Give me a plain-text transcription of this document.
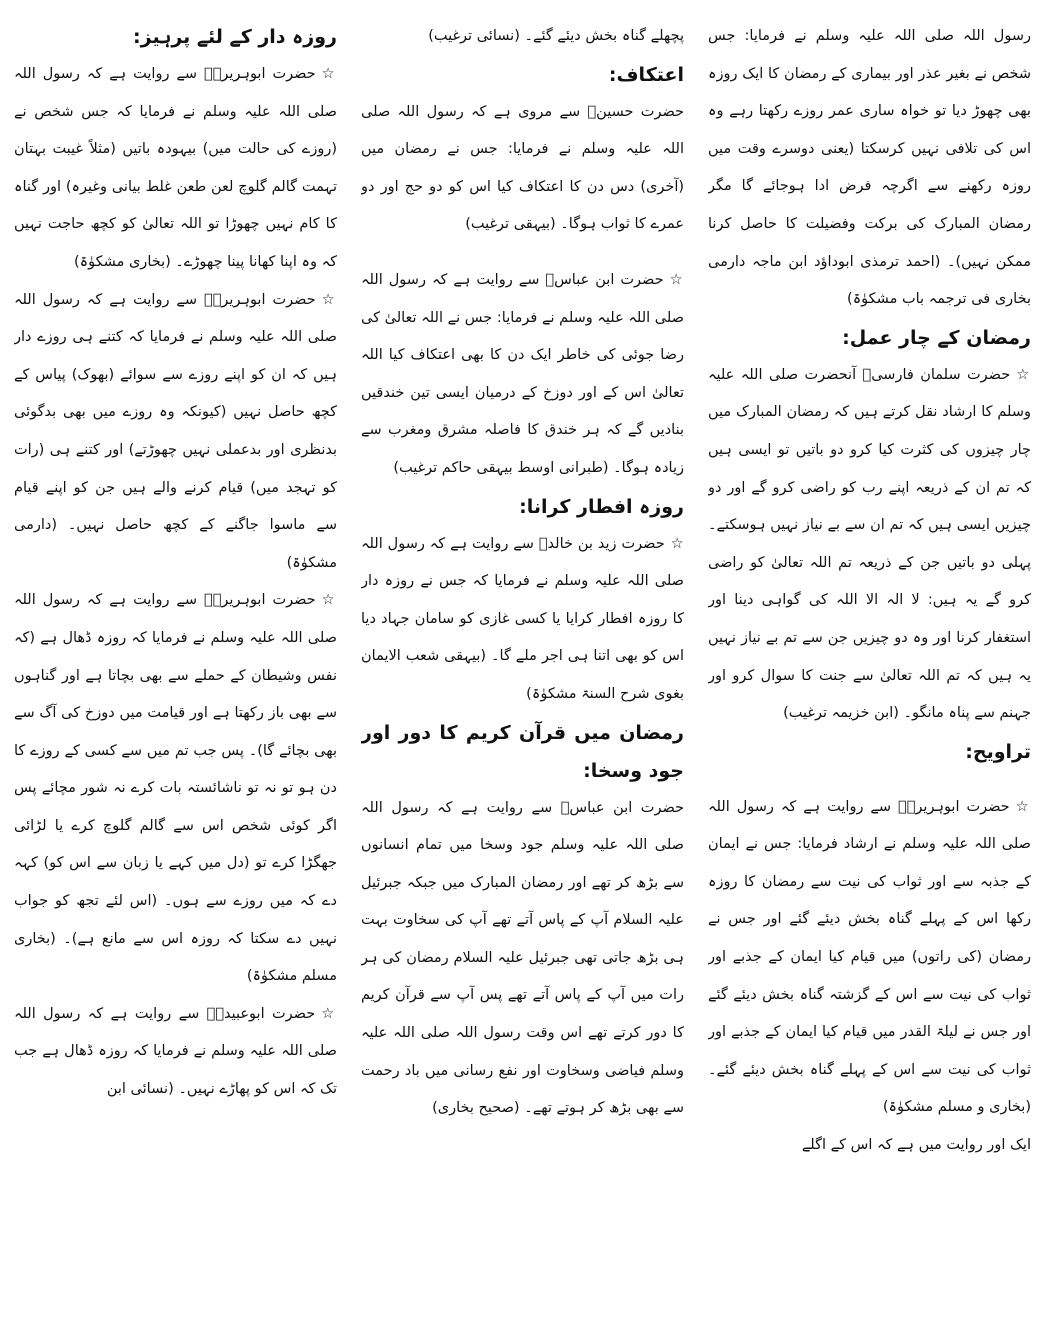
رسول اللہ صلی اللہ علیہ وسلم نے فرمایا: جس شخص نے بغیر عذر اور بیماری کے رمضان کا ایک روزہ بھی چھوڑ دیا تو خواہ ساری عمر روزے رکھتا رہے وہ اس کی تلافی نہیں کرسکتا (یعنی دوسرے وقت میں روزہ رکھنے سے اگرچہ فرض ادا ہوجائے گا مگر رمضان المبارک کی برکت وفضیلت کا حاصل کرنا ممکن نہیں)۔ (احمد ترمذی ابوداؤد ابن ماجہ دارمی بخاری فی ترجمہ باب مشکوٰۃ)

رمضان کے چار عمل:

☆ حضرت سلمان فارسیؓ آنحضرت صلی اللہ علیہ وسلم کا ارشاد نقل کرتے ہیں کہ رمضان المبارک میں چار چیزوں کی کثرت کیا کرو دو باتیں تو ایسی ہیں کہ تم ان کے ذریعہ اپنے رب کو راضی کرو گے اور دو چیزیں ایسی ہیں کہ تم ان سے بے نیاز نہیں ہوسکتے۔ پہلی دو باتیں جن کے ذریعہ تم اللہ تعالیٰ کو راضی کرو گے یہ ہیں: لا الہ الا اللہ کی گواہی دینا اور استغفار کرنا اور وہ دو چیزیں جن سے تم بے نیاز نہیں یہ ہیں کہ تم اللہ تعالیٰ سے جنت کا سوال کرو اور جہنم سے پناہ مانگو۔ (ابن خزیمہ ترغیب)

تراویح:

☆ حضرت ابوہریرہؓ سے روایت ہے کہ رسول اللہ صلی اللہ علیہ وسلم نے ارشاد فرمایا: جس نے ایمان کے جذبہ سے اور ثواب کی نیت سے رمضان کا روزہ رکھا اس کے پہلے گناہ بخش دیئے گئے اور جس نے رمضان (کی راتوں) میں قیام کیا ایمان کے جذبے اور ثواب کی نیت سے اس کے گزشتہ گناہ بخش دیئے گئے اور جس نے لیلۃ القدر میں قیام کیا ایمان کے جذبے اور ثواب کی نیت سے اس کے پہلے گناہ بخش دیئے گئے۔ (بخاری و مسلم مشکوٰۃ)

ایک اور روایت میں ہے کہ اس کے اگلے

پچھلے گناہ بخش دیئے گئے۔ (نسائی ترغیب)

اعتکاف:

حضرت حسینؓ سے مروی ہے کہ رسول اللہ صلی اللہ علیہ وسلم نے فرمایا: جس نے رمضان میں (آخری) دس دن کا اعتکاف کیا اس کو دو حج اور دو عمرے کا ثواب ہوگا۔ (بیہقی ترغیب)

☆ حضرت ابن عباسؓ سے روایت ہے کہ رسول اللہ صلی اللہ علیہ وسلم نے فرمایا: جس نے اللہ تعالیٰ کی رضا جوئی کی خاطر ایک دن کا بھی اعتکاف کیا اللہ تعالیٰ اس کے اور دوزخ کے درمیان ایسی تین خندقیں بنادیں گے کہ ہر خندق کا فاصلہ مشرق ومغرب سے زیادہ ہوگا۔ (طبرانی اوسط بیہقی حاکم ترغیب)

روزہ افطار کرانا:

☆ حضرت زید بن خالدؓ سے روایت ہے کہ رسول اللہ صلی اللہ علیہ وسلم نے فرمایا کہ جس نے روزہ دار کا روزہ افطار کرایا یا کسی غازی کو سامان جہاد دیا اس کو بھی اتنا ہی اجر ملے گا۔ (بیہقی شعب الایمان بغوی شرح السنۃ مشکوٰۃ)

رمضان میں قرآن کریم کا دور اور جود وسخا:

حضرت ابن عباسؓ سے روایت ہے کہ رسول اللہ صلی اللہ علیہ وسلم جود وسخا میں تمام انسانوں سے بڑھ کر تھے اور رمضان المبارک میں جبکہ جبرئیل علیہ السلام آپ کے پاس آتے تھے آپ کی سخاوت بہت ہی بڑھ جاتی تھی جبرئیل علیہ السلام رمضان کی ہر رات میں آپ کے پاس آتے تھے پس آپ سے قرآن کریم کا دور کرتے تھے اس وقت رسول اللہ صلی اللہ علیہ وسلم فیاضی وسخاوت اور نفع رسانی میں باد رحمت سے بھی بڑھ کر ہوتے تھے۔ (صحیح بخاری)

روزہ دار کے لئے پرہیز:

☆ حضرت ابوہریرہؓ سے روایت ہے کہ رسول اللہ صلی اللہ علیہ وسلم نے فرمایا کہ جس شخص نے (روزے کی حالت میں) بیہودہ باتیں (مثلاً غیبت بہتان تہمت گالم گلوچ لعن طعن غلط بیانی وغیرہ) اور گناہ کا کام نہیں چھوڑا تو اللہ تعالیٰ کو کچھ حاجت نہیں کہ وہ اپنا کھانا پینا چھوڑے۔ (بخاری مشکوٰۃ)

☆ حضرت ابوہریرہؓ سے روایت ہے کہ رسول اللہ صلی اللہ علیہ وسلم نے فرمایا کہ کتنے ہی روزے دار ہیں کہ ان کو اپنے روزے سے سوائے (بھوک) پیاس کے کچھ حاصل نہیں (کیونکہ وہ روزے میں بھی بدگوئی بدنظری اور بدعملی نہیں چھوڑتے) اور کتنے ہی (رات کو تہجد میں) قیام کرنے والے ہیں جن کو اپنے قیام سے ماسوا جاگنے کے کچھ حاصل نہیں۔ (دارمی مشکوٰۃ)

☆ حضرت ابوہریرہؓ سے روایت ہے کہ رسول اللہ صلی اللہ علیہ وسلم نے فرمایا کہ روزہ ڈھال ہے (کہ نفس وشیطان کے حملے سے بھی بچاتا ہے اور گناہوں سے بھی باز رکھتا ہے اور قیامت میں دوزخ کی آگ سے بھی بچائے گا)۔ پس جب تم میں سے کسی کے روزے کا دن ہو تو نہ تو ناشائستہ بات کرے نہ شور مچائے پس اگر کوئی شخص اس سے گالم گلوچ کرے یا لڑائی جھگڑا کرے تو (دل میں کہے یا زبان سے اس کو) کہہ دے کہ میں روزے سے ہوں۔ (اس لئے تجھ کو جواب نہیں دے سکتا کہ روزہ اس سے مانع ہے)۔ (بخاری مسلم مشکوٰۃ)

☆ حضرت ابوعبیدہؓ سے روایت ہے کہ رسول اللہ صلی اللہ علیہ وسلم نے فرمایا کہ روزہ ڈھال ہے جب تک کہ اس کو پھاڑے نہیں۔ (نسائی ابن
